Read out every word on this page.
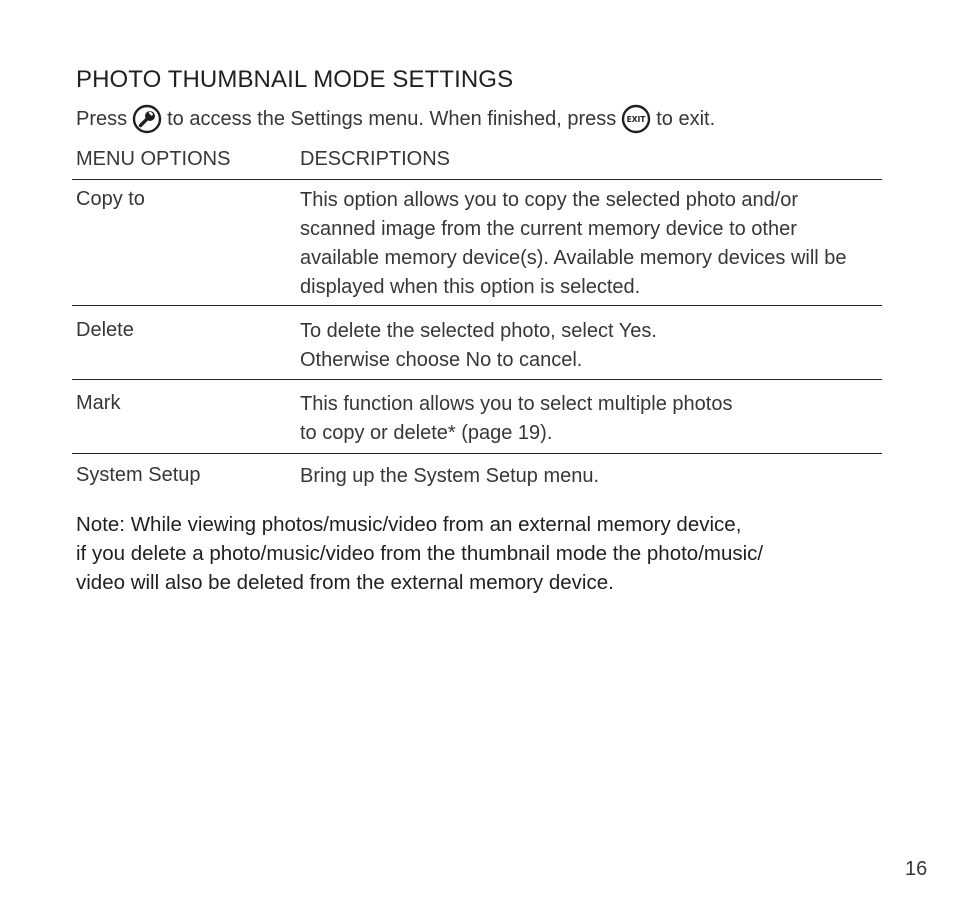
PHOTO THUMBNAIL MODE SETTINGS
Press to access the Settings menu. When finished, press EXIT to exit.
MENU OPTIONS	DESCRIPTIONS
Copy to	This option allows you to copy the selected photo and/or
scanned image from the current memory device to other
available memory device(s). Available memory devices will be
displayed when this option is selected.
Delete	To delete the selected photo, select Yes.
Otherwise choose No to cancel.
Mark	This function allows you to select multiple photos
to copy or delete* (page 19).
System Setup	Bring up the System Setup menu.
Note: While viewing photos/music/video from an external memory device,
if you delete a photo/music/video from the thumbnail mode the photo/music/
video will also be deleted from the external memory device.
16
